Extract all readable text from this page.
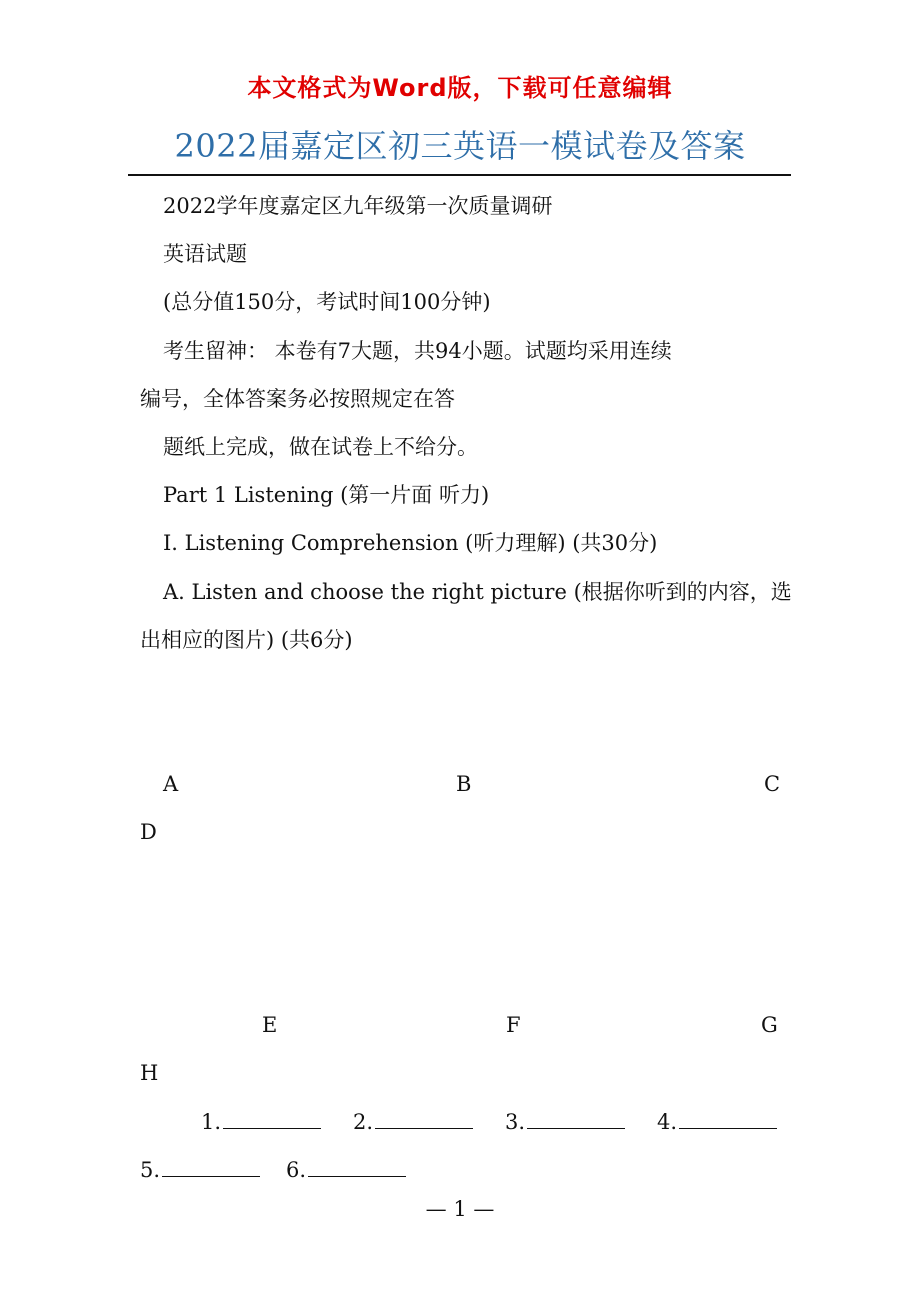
本文格式为Word版，下载可任意编辑
2022届嘉定区初三英语一模试卷及答案
2022学年度嘉定区九年级第一次质量调研
英语试题
(总分值150分，考试时间100分钟)
考生留神： 本卷有7大题，共94小题。试题均采用连续
编号，全体答案务必按照规定在答
题纸上完成，做在试卷上不给分。
Part 1 Listening (第一片面 听力)
I. Listening Comprehension (听力理解) (共30分)
A. Listen and choose the right picture (根据你听到的内容，选
出相应的图片) (共6分)
A	B	C
D
E	F	G
H
1.	2.	3.	4.
5.	6.
— 1 —
